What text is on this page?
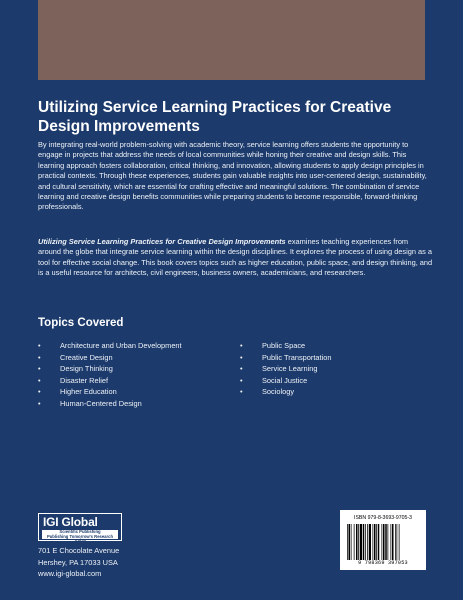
Utilizing Service Learning Practices for Creative Design Improvements

By integrating real-world problem-solving with academic theory, service learning offers students the opportunity to engage in projects that address the needs of local communities while honing their creative and design skills. This learning approach fosters collaboration, critical thinking, and innovation, allowing students to apply design principles in practical contexts. Through these experiences, students gain valuable insights into user-centered design, sustainability, and cultural sensitivity, which are essential for crafting effective and meaningful solutions. The combination of service learning and creative design benefits communities while preparing students to become responsible, forward-thinking professionals.

Utilizing Service Learning Practices for Creative Design Improvements examines teaching experiences from around the globe that integrate service learning within the design disciplines. It explores the process of using design as a tool for effective social change. This book covers topics such as higher education, public space, and design thinking, and is a useful resource for architects, civil engineers, business owners, academicians, and researchers.

Topics Covered
•	Architecture and Urban Development
•	Creative Design
•	Design Thinking
•	Disaster Relief
•	Higher Education
•	Human-Centered Design
•	Public Space
•	Public Transportation
•	Service Learning
•	Social Justice
•	Sociology
IGI Global
Scientific Publishing
Publishing Tomorrow's Research Today
701 E Chocolate Avenue
Hershey, PA 17033 USA
www.igi-global.com
ISBN 979-8-3693-9705-3
9 798369 397053
